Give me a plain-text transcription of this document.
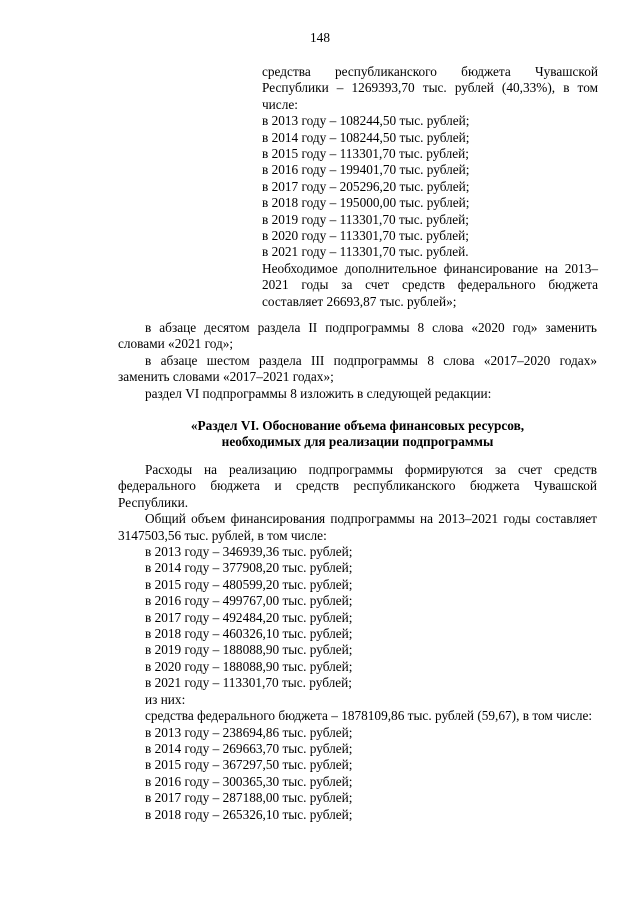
148

средства республиканского бюджета Чувашской Республики – 1269393,70 тыс. рублей (40,33%), в том числе:

в 2013 году – 108244,50 тыс. рублей;

в 2014 году – 108244,50 тыс. рублей;

в 2015 году – 113301,70 тыс. рублей;

в 2016 году – 199401,70 тыс. рублей;

в 2017 году – 205296,20 тыс. рублей;

в 2018 году – 195000,00 тыс. рублей;

в 2019 году – 113301,70 тыс. рублей;

в 2020 году – 113301,70 тыс. рублей;

в 2021 году – 113301,70 тыс. рублей.

Необходимое дополнительное финансирование на 2013–2021 годы за счет средств федерального бюджета составляет 26693,87 тыс. рублей»;

в абзаце десятом раздела II подпрограммы 8 слова «2020 год» заменить словами «2021 год»;

в абзаце шестом раздела III подпрограммы 8 слова «2017–2020 годах» заменить словами «2017–2021 годах»;

раздел VI подпрограммы 8 изложить в следующей редакции:

«Раздел VI. Обоснование объема финансовых ресурсов,

необходимых для реализации подпрограммы

Расходы на реализацию подпрограммы формируются за счет средств федерального бюджета и средств республиканского бюджета Чувашской Республики.

Общий объем финансирования подпрограммы на 2013–2021 годы составляет 3147503,56 тыс. рублей, в том числе:

в 2013 году – 346939,36 тыс. рублей;

в 2014 году – 377908,20 тыс. рублей;

в 2015 году – 480599,20 тыс. рублей;

в 2016 году – 499767,00 тыс. рублей;

в 2017 году – 492484,20 тыс. рублей;

в 2018 году – 460326,10 тыс. рублей;

в 2019 году – 188088,90 тыс. рублей;

в 2020 году – 188088,90 тыс. рублей;

в 2021 году – 113301,70 тыс. рублей;

из них:

средства федерального бюджета – 1878109,86 тыс. рублей (59,67), в том числе:

в 2013 году – 238694,86 тыс. рублей;

в 2014 году – 269663,70 тыс. рублей;

в 2015 году – 367297,50 тыс. рублей;

в 2016 году – 300365,30 тыс. рублей;

в 2017 году – 287188,00 тыс. рублей;

в 2018 году – 265326,10 тыс. рублей;
